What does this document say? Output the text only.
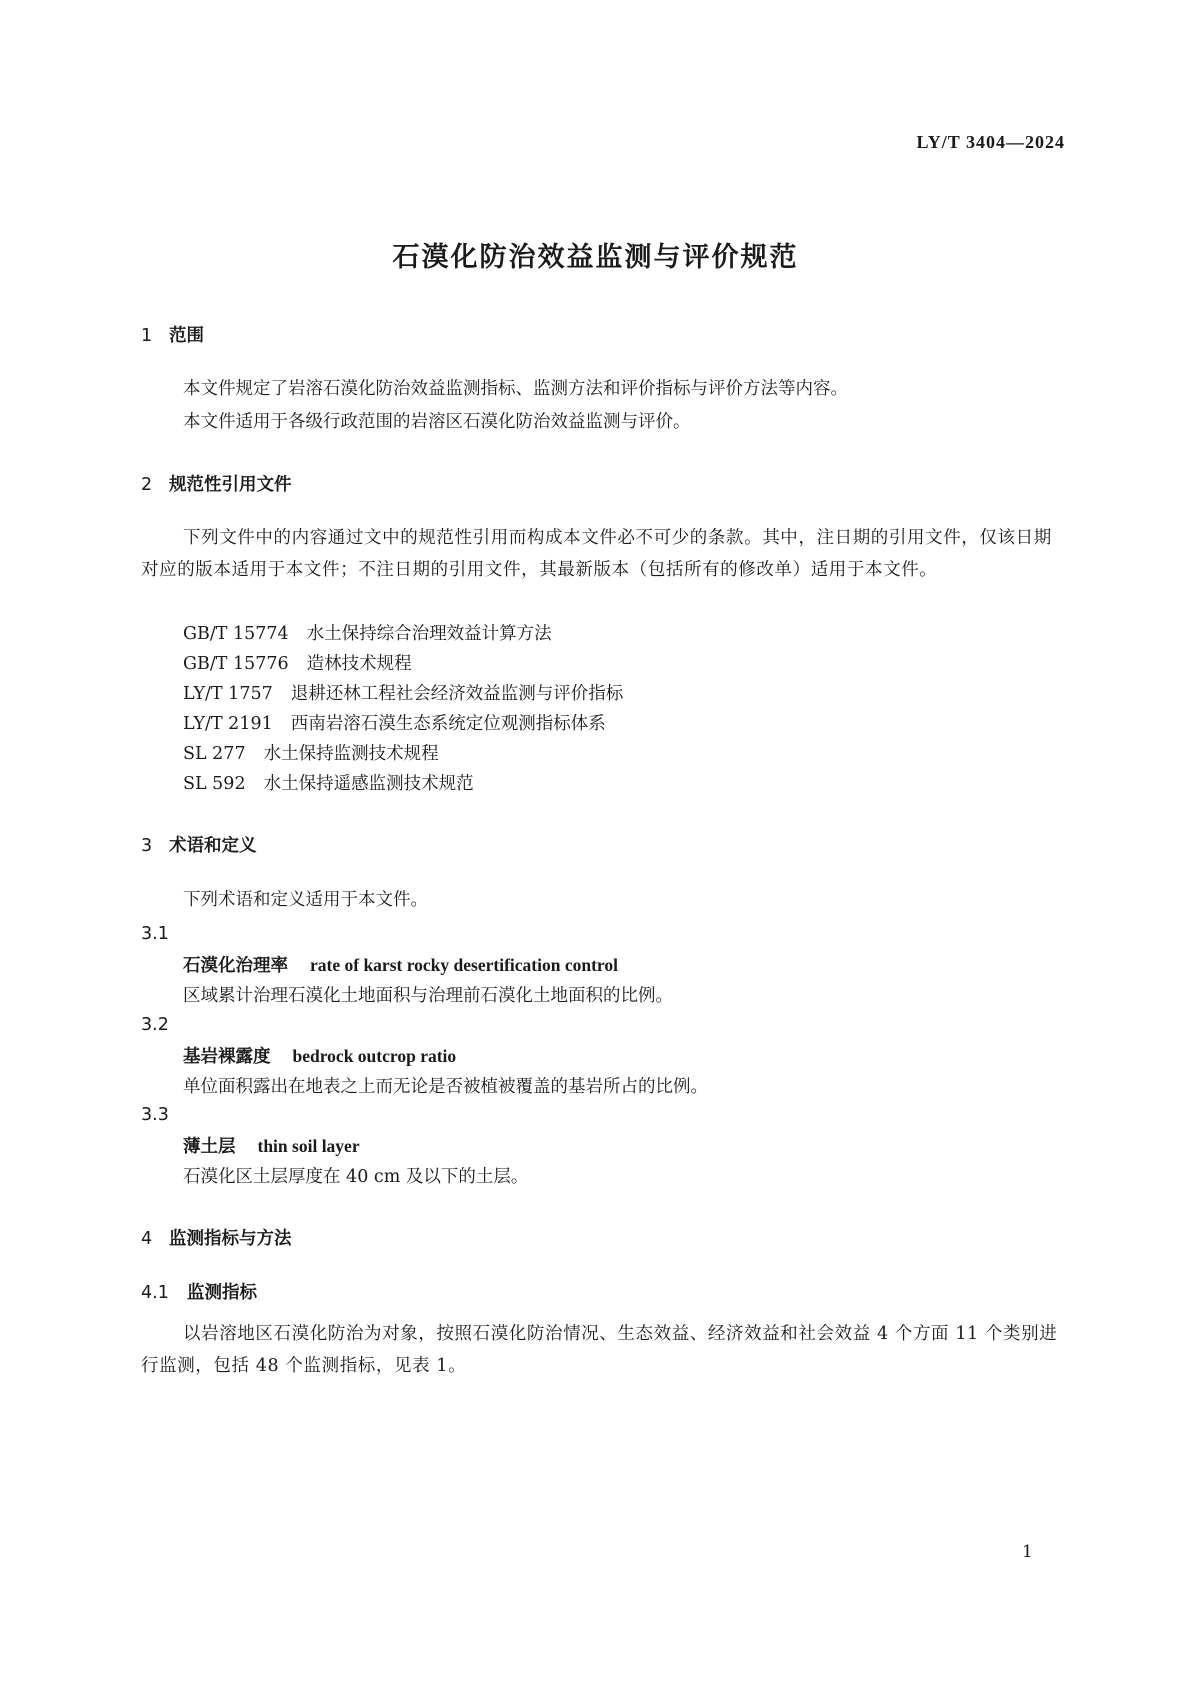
LY/T 3404—2024
石漠化防治效益监测与评价规范
1 范围
本文件规定了岩溶石漠化防治效益监测指标、监测方法和评价指标与评价方法等内容。
本文件适用于各级行政范围的岩溶区石漠化防治效益监测与评价。
2 规范性引用文件
下列文件中的内容通过文中的规范性引用而构成本文件必不可少的条款。其中，注日期的引用文件，仅该日期对应的版本适用于本文件；不注日期的引用文件，其最新版本（包括所有的修改单）适用于本文件。
GB/T 15774 水土保持综合治理效益计算方法
GB/T 15776 造林技术规程
LY/T 1757 退耕还林工程社会经济效益监测与评价指标
LY/T 2191 西南岩溶石漠生态系统定位观测指标体系
SL 277 水土保持监测技术规程
SL 592 水土保持遥感监测技术规范
3 术语和定义
下列术语和定义适用于本文件。
3.1
石漠化治理率 rate of karst rocky desertification control
区域累计治理石漠化土地面积与治理前石漠化土地面积的比例。
3.2
基岩裸露度 bedrock outcrop ratio
单位面积露出在地表之上而无论是否被植被覆盖的基岩所占的比例。
3.3
薄土层 thin soil layer
石漠化区土层厚度在 40 cm 及以下的土层。
4 监测指标与方法
4.1 监测指标
以岩溶地区石漠化防治为对象，按照石漠化防治情况、生态效益、经济效益和社会效益 4 个方面 11 个类别进行监测，包括 48 个监测指标，见表 1。
1
